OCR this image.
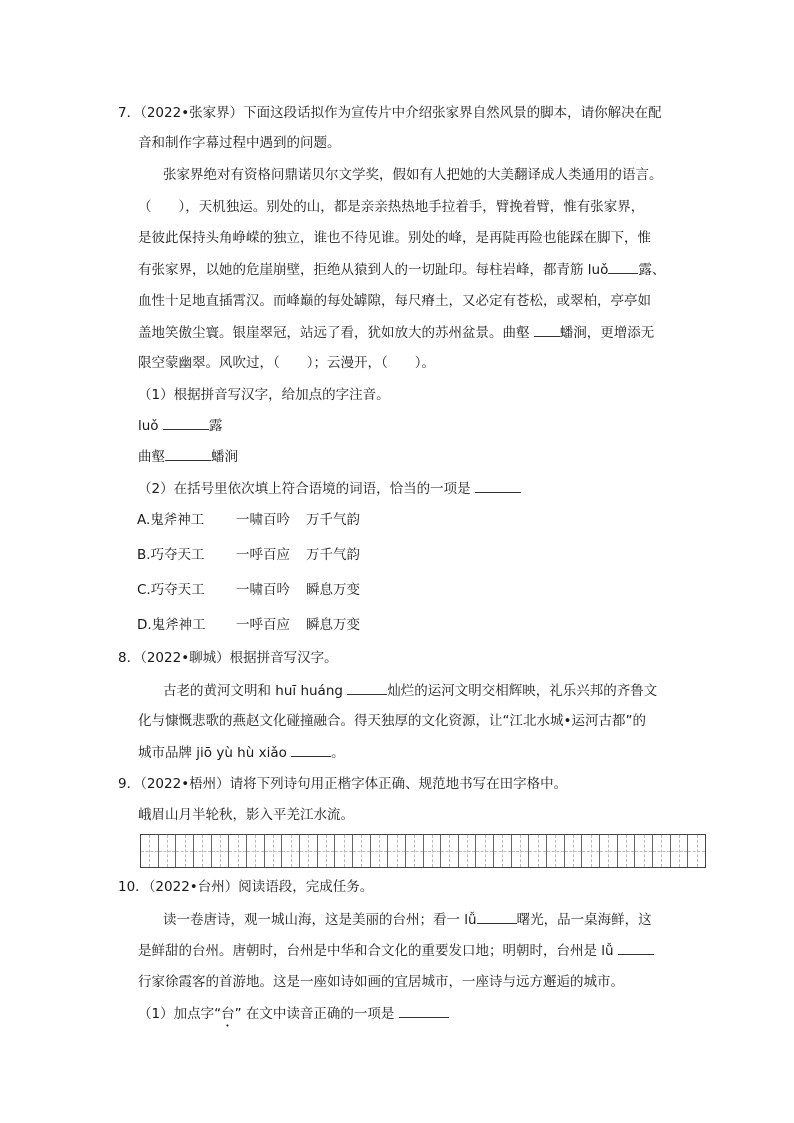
7．（2022•张家界）下面这段话拟作为宣传片中介绍张家界自然风景的脚本，请你解决在配
音和制作字幕过程中遇到的问题。
张家界绝对有资格问鼎诺贝尔文学奖，假如有人把她的大美翻译成人类通用的语言。
（　　），天机独运。别处的山，都是亲亲热热地手拉着手，臂挽着臂，惟有张家界，
是彼此保持头角峥嵘的独立，谁也不待见谁。别处的峰，是再陡再险也能踩在脚下，惟
有张家界，以她的危崖崩壁，拒绝从猿到人的一切趾印。每柱岩峰，都青筋 luǒ 露、
血性十足地直插霄汉。而峰巅的每处罅隙，每尺瘠土，又必定有苍松，或翠柏，亭亭如
盖地笑傲尘寰。银崖翠冠，站远了看，犹如放大的苏州盆景。曲壑 蟠涧，更增添无
限空蒙幽翠。风吹过，（　　）；云漫开，（　　）。
（1）根据拼音写汉字，给加点的字注音。
luǒ	露
曲壑	蟠涧
（2）在括号里依次填上符合语境的词语，恰当的一项是
A.鬼斧神工 一啸百吟 万千气韵
B.巧夺天工 一呼百应 万千气韵
C.巧夺天工 一啸百吟 瞬息万变
D.鬼斧神工 一呼百应 瞬息万变
8．（2022•聊城）根据拼音写汉字。
古老的黄河文明和 huī huáng	灿烂的运河文明交相辉映，礼乐兴邦的齐鲁文
化与慷慨悲歌的燕赵文化碰撞融合。得天独厚的文化资源，让“江北水城•运河古都”的
城市品牌 jiō yù hù xiǎo	。
9．（2022•梧州）请将下列诗句用正楷字体正确、规范地书写在田字格中。
峨眉山月半轮秋，影入平羌江水流。
10．（2022•台州）阅读语段，完成任务。
读一卷唐诗，观一城山海，这是美丽的台州；看一 lǚ	曙光，品一桌海鲜，这
是鲜甜的台州。唐朝时，台州是中华和合文化的重要发口地；明朝时，台州是 lǚ
行家徐霞客的首游地。这是一座如诗如画的宜居城市，一座诗与远方邂逅的城市。
（1）加点字“台” 在文中读音正确的一项是
